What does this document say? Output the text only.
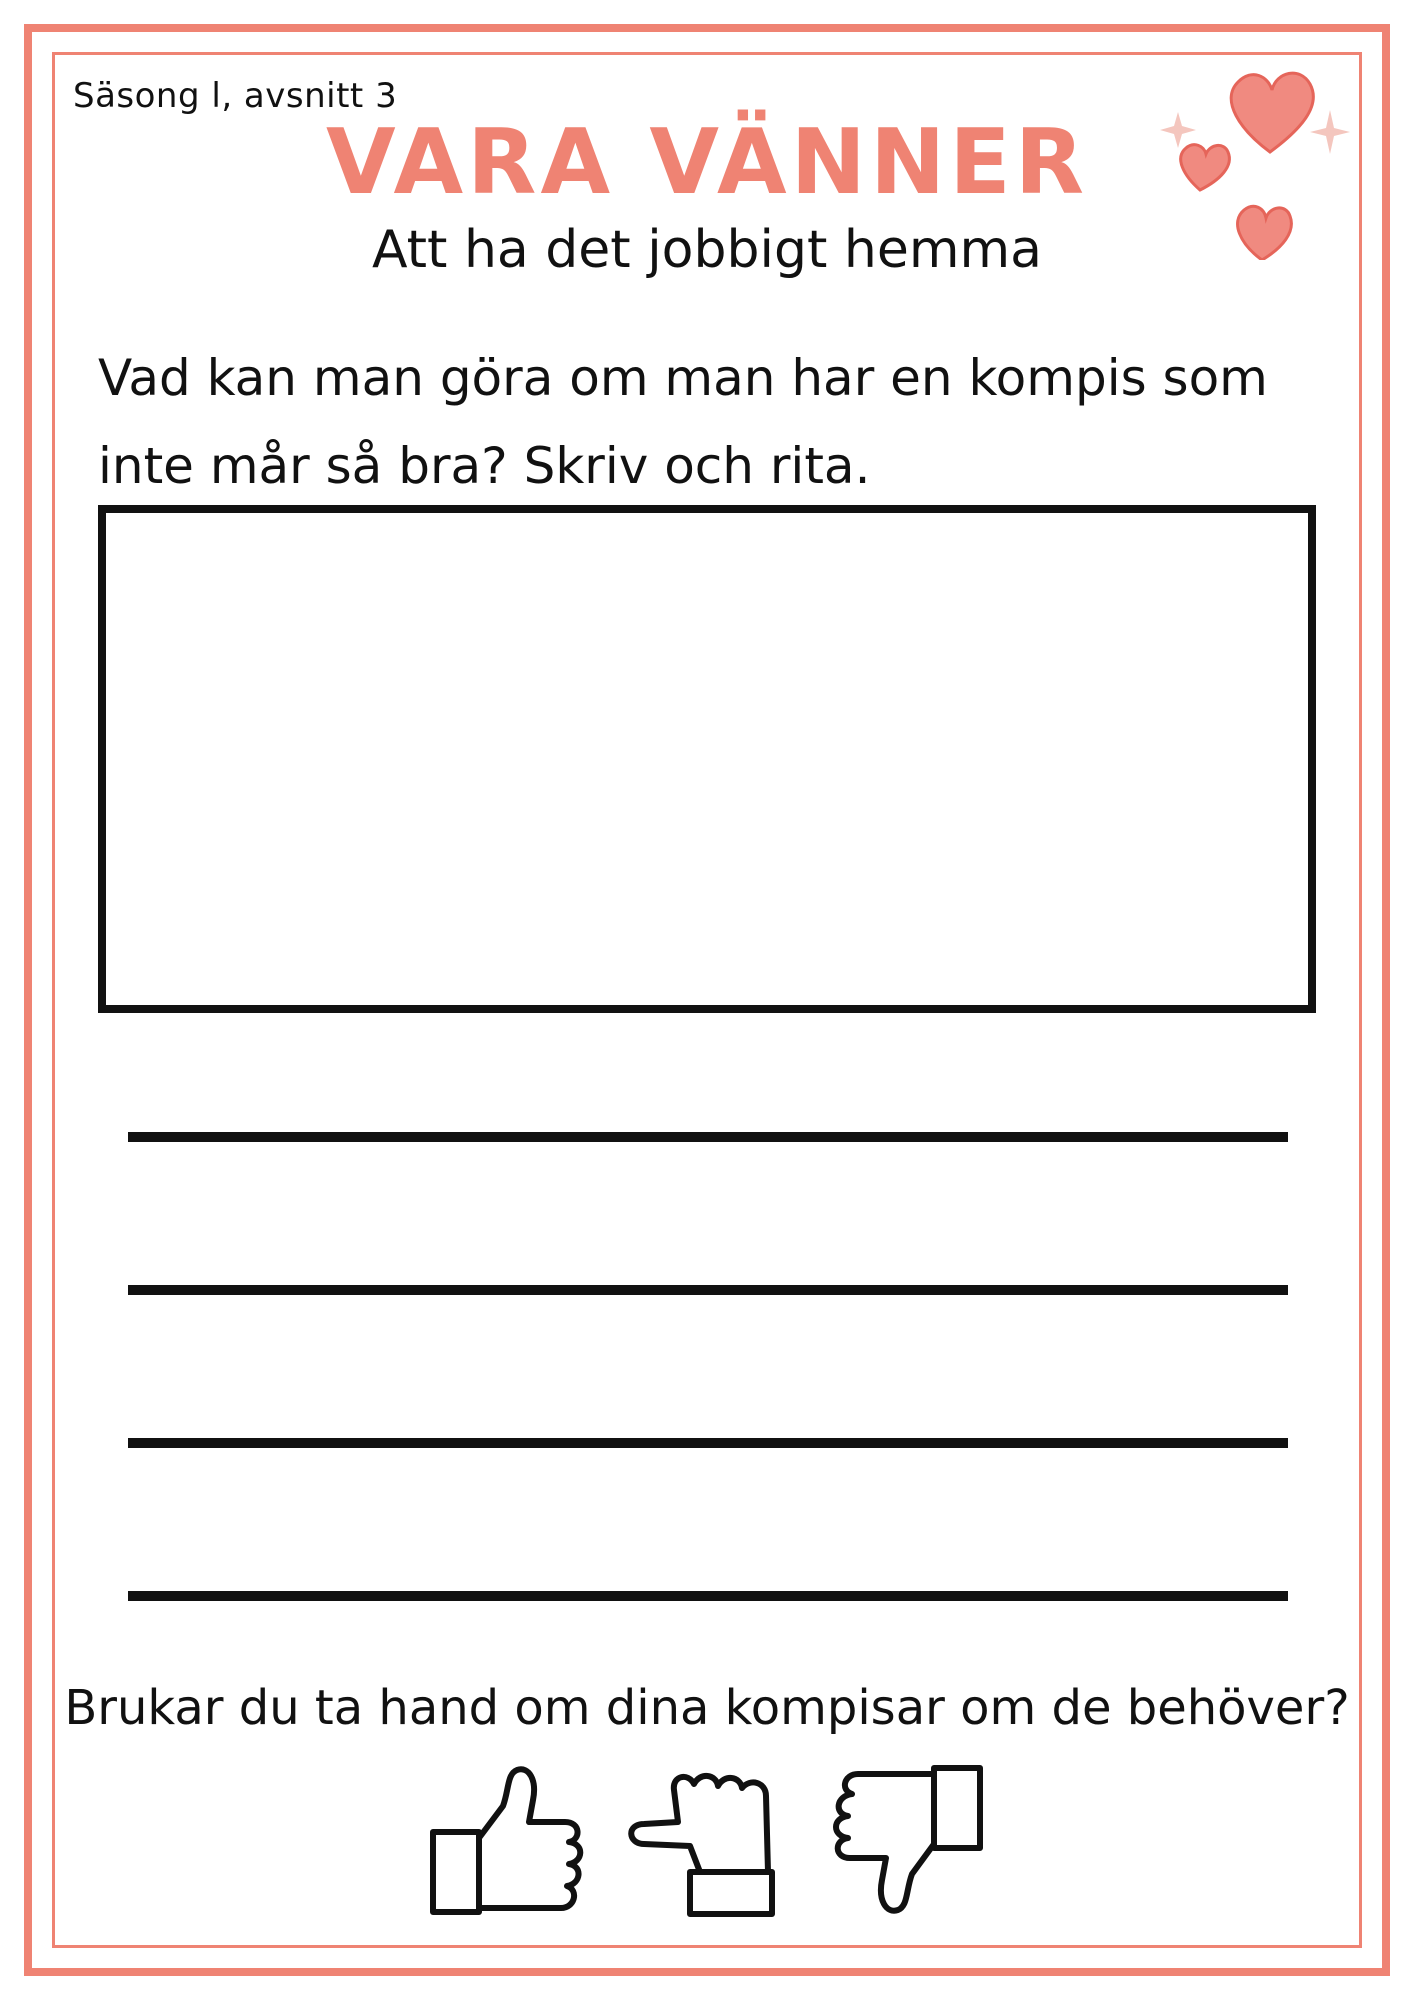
Säsong l, avsnitt 3
VARA VÄNNER
Att ha det jobbigt hemma
Vad kan man göra om man har en kompis som inte mår så bra? Skriv och rita.
Brukar du ta hand om dina kompisar om de behöver?
